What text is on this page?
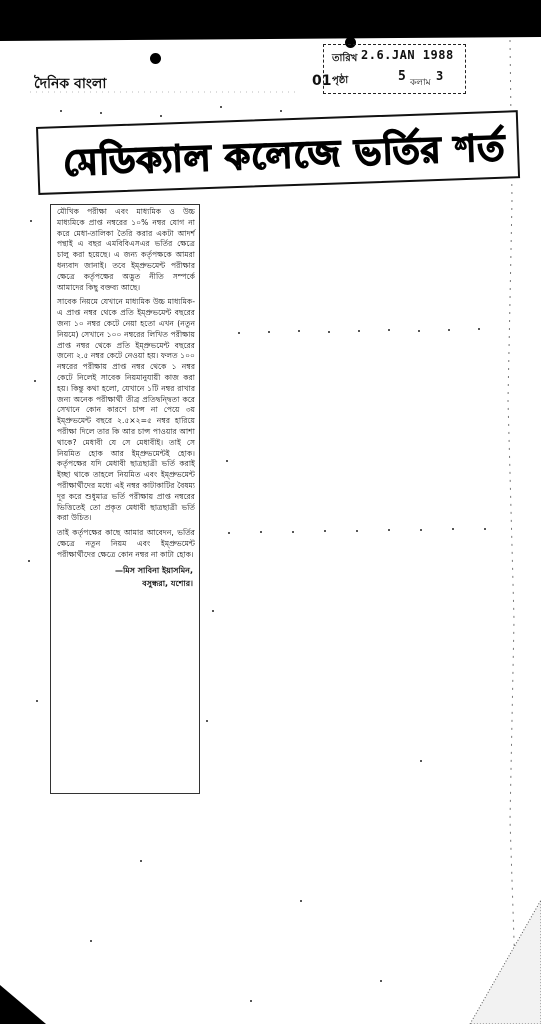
দৈনিক বাংলা	01
তারিখ 2.6.JAN 1988
পৃষ্ঠা	5 কলাম 3
মেডিক্যাল কলেজে ভর্তির শর্ত

মৌখিক পরীক্ষা এবং মাধ্যমিক ও উচ্চ মাধ্যমিকে প্রাপ্ত নম্বরের ১০% নম্বর যোগ না করে মেধা-তালিকা তৈরি করার একটা আদর্শ পন্থাই এ বছর এমবিবিএসএর ভর্তির ক্ষেত্রে চালু করা হয়েছে। এ জন্য কর্তৃপক্ষকে আমরা ধন্যবাদ জানাই। তবে ইম্প্রুভমেন্ট পরীক্ষার ক্ষেত্রে কর্তৃপক্ষের অদ্ভুত নীতি সম্পর্কে আমাদের কিছু বক্তব্য আছে।

সাবেক নিয়মে যেখানে মাধ্যমিক উচ্চ মাধ্যমিক-এ প্রাপ্ত নম্বর থেকে প্রতি ইম্প্রুভমেন্ট বছরের জন্য ১০ নম্বর কেটে নেয়া হতো এখন (নতুন নিয়মে) সেখানে ১০০ নম্বরের লিখিত পরীক্ষায় প্রাপ্ত নম্বর থেকে প্রতি ইম্প্রুভমেন্ট বছরের জন্যে ২.৫ নম্বর কেটে নেওয়া হয়। ফলত ১০০ নম্বরের পরীক্ষায় প্রাপ্ত নম্বর থেকে ১ নম্বর কেটে নিলেই সাবেক নিয়মানুযায়ী কাজ করা হয়। কিন্তু কথা হলো, যেখানে ১টি নম্বর রাখার জন্য অনেক পরীক্ষার্থী তীব্র প্রতিদ্বন্দ্বিতা করে সেখানে কোন কারণে চান্স না পেয়ে ৩য় ইম্প্রুভমেন্ট বছরে ২.৫×২=৫ নম্বর হারিয়ে পরীক্ষা দিলে তার কি আর চান্স পাওয়ার আশা থাকে? মেধাবী যে সে মেধাবীই। তাই সে নিয়মিত হোক আর ইম্প্রুভমেন্টই হোক। কর্তৃপক্ষের যদি মেধাবী ছাত্রছাত্রী ভর্তি করাই ইচ্ছা থাকে তাহলে নিয়মিত এবং ইম্প্রুভমেন্ট পরীক্ষার্থীদের মধ্যে এই নম্বর কাটাকাটির বৈষম্য দূর করে শুধুমাত্র ভর্তি পরীক্ষায় প্রাপ্ত নম্বরের ভিত্তিতেই তো প্রকৃত মেধাবী ছাত্রছাত্রী ভর্তি করা উচিত।

তাই কর্তৃপক্ষের কাছে আমার আবেদন, ভর্তির ক্ষেত্রে নতুন নিয়ম এবং ইম্প্রুভমেন্ট পরীক্ষার্থীদের ক্ষেত্রে কোন নম্বর না কাটা হোক।

—মিস সাবিনা ইয়াসমিন,
বসুন্ধরা, যশোর।
